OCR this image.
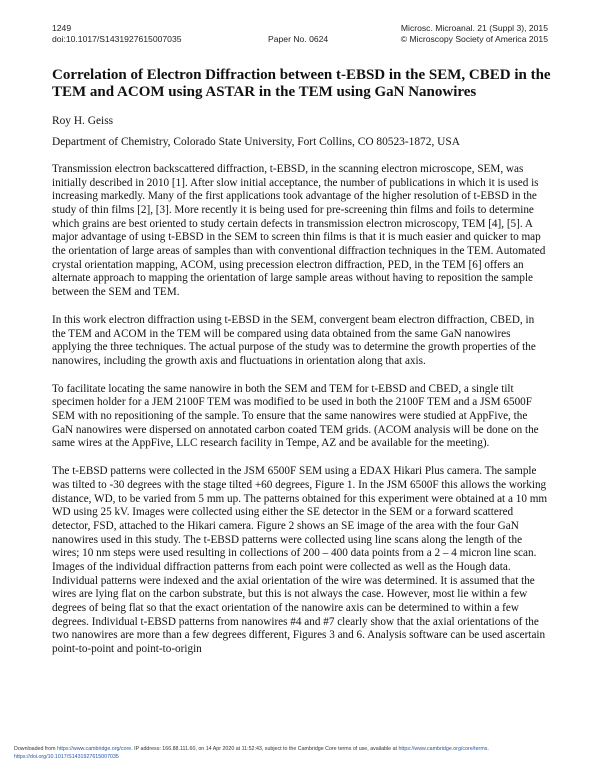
1249
doi:10.1017/S1431927615007035	Paper No. 0624
Microsc. Microanal. 21 (Suppl 3), 2015
© Microscopy Society of America 2015
Correlation of Electron Diffraction between t-EBSD in the SEM, CBED in the TEM and ACOM using ASTAR in the TEM using GaN Nanowires
Roy H. Geiss
Department of Chemistry, Colorado State University, Fort Collins, CO 80523-1872, USA

Transmission electron backscattered diffraction, t-EBSD, in the scanning electron microscope, SEM, was initially described in 2010 [1]. After slow initial acceptance, the number of publications in which it is used is increasing markedly. Many of the first applications took advantage of the higher resolution of t-EBSD in the study of thin films [2], [3]. More recently it is being used for pre-screening thin films and foils to determine which grains are best oriented to study certain defects in transmission electron microscopy, TEM [4], [5]. A major advantage of using t-EBSD in the SEM to screen thin films is that it is much easier and quicker to map the orientation of large areas of samples than with conventional diffraction techniques in the TEM. Automated crystal orientation mapping, ACOM, using precession electron diffraction, PED, in the TEM [6] offers an alternate approach to mapping the orientation of large sample areas without having to reposition the sample between the SEM and TEM.

In this work electron diffraction using t-EBSD in the SEM, convergent beam electron diffraction, CBED, in the TEM and ACOM in the TEM will be compared using data obtained from the same GaN nanowires applying the three techniques. The actual purpose of the study was to determine the growth properties of the nanowires, including the growth axis and fluctuations in orientation along that axis.

To facilitate locating the same nanowire in both the SEM and TEM for t-EBSD and CBED, a single tilt specimen holder for a JEM 2100F TEM was modified to be used in both the 2100F TEM and a JSM 6500F SEM with no repositioning of the sample. To ensure that the same nanowires were studied at AppFive, the GaN nanowires were dispersed on annotated carbon coated TEM grids. (ACOM analysis will be done on the same wires at the AppFive, LLC research facility in Tempe, AZ and be available for the meeting).

The t-EBSD patterns were collected in the JSM 6500F SEM using a EDAX Hikari Plus camera. The sample was tilted to -30 degrees with the stage tilted +60 degrees, Figure 1. In the JSM 6500F this allows the working distance, WD, to be varied from 5 mm up. The patterns obtained for this experiment were obtained at a 10 mm WD using 25 kV. Images were collected using either the SE detector in the SEM or a forward scattered detector, FSD, attached to the Hikari camera. Figure 2 shows an SE image of the area with the four GaN nanowires used in this study. The t-EBSD patterns were collected using line scans along the length of the wires; 10 nm steps were used resulting in collections of 200 – 400 data points from a 2 – 4 micron line scan. Images of the individual diffraction patterns from each point were collected as well as the Hough data. Individual patterns were indexed and the axial orientation of the wire was determined. It is assumed that the wires are lying flat on the carbon substrate, but this is not always the case. However, most lie within a few degrees of being flat so that the exact orientation of the nanowire axis can be determined to within a few degrees. Individual t-EBSD patterns from nanowires #4 and #7 clearly show that the axial orientations of the two nanowires are more than a few degrees different, Figures 3 and 6. Analysis software can be used ascertain point-to-point and point-to-origin

Downloaded from https://www.cambridge.org/core. IP address: 166.88.111.60, on 14 Apr 2020 at 11:52:43, subject to the Cambridge Core terms of use, available at https://www.cambridge.org/core/terms. https://doi.org/10.1017/S1431927615007035
